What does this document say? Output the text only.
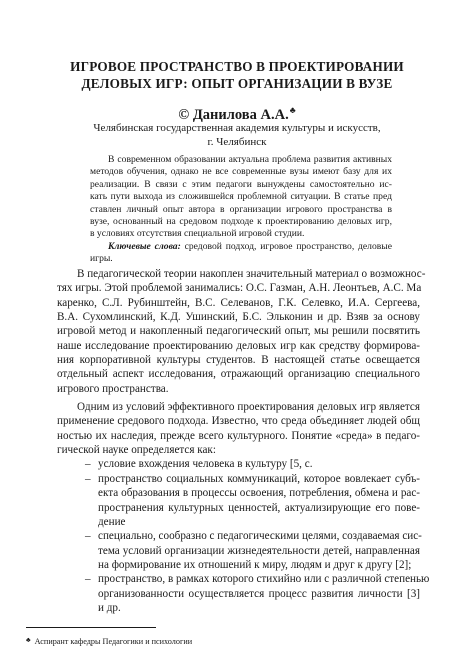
ИГРОВОЕ ПРОСТРАНСТВО В ПРОЕКТИРОВАНИИ
ДЕЛОВЫХ ИГР: ОПЫТ ОРГАНИЗАЦИИ В ВУЗЕ
© Данилова А.А.♣
Челябинская государственная академия культуры и искусств,
г. Челябинск
В современном образовании актуальна проблема развития активных
методов обучения, однако не все современные вузы имеют базу для их
реализации. В связи с этим педагоги вынуждены самостоятельно ис-
кать пути выхода из сложившейся проблемной ситуации. В статье пред
ставлен личный опыт автора в организации игрового пространства в
вузе, основанный на средовом подходе к проектированию деловых игр,
в условиях отсутствия специальной игровой студии.
Ключевые слова: средовой подход, игровое пространство, деловые
игры.
В педагогической теории накоплен значительный материал о возможнос-
тях игры. Этой проблемой занимались: О.С. Газман, А.Н. Леонтьев, А.С. Ма
каренко, С.Л. Рубинштейн, В.С. Селеванов, Г.К. Селевко, И.А. Сергеева,
В.А. Сухомлинский, К.Д. Ушинский, Б.С. Эльконин и др. Взяв за основу
игровой метод и накопленный педагогический опыт, мы решили посвятить
наше исследование проектированию деловых игр как средству формирова-
ния корпоративной культуры студентов. В настоящей статье освещается
отдельный аспект исследования, отражающий организацию специального
игрового пространства.
Одним из условий эффективного проектирования деловых игр является
применение средового подхода. Известно, что среда объединяет людей общ
ностью их наследия, прежде всего культурного. Понятие «среда» в педаго-
гической науке определяется как:
– условие вхождения человека в культуру [5, с.
– пространство социальных коммуникаций, которое вовлекает субъ-
екта образования в процессы освоения, потребления, обмена и рас-
пространения культурных ценностей, актуализирующие его пове-
дение
– специально, сообразно с педагогическими целями, создаваемая сис-
тема условий организации жизнедеятельности детей, направленная
на формирование их отношений к миру, людям и друг к другу [2];
– пространство, в рамках которого стихийно или с различной степенью
организованности осуществляется процесс развития личности [3]
и др.
♣ Аспирант кафедры Педагогики и психологии
